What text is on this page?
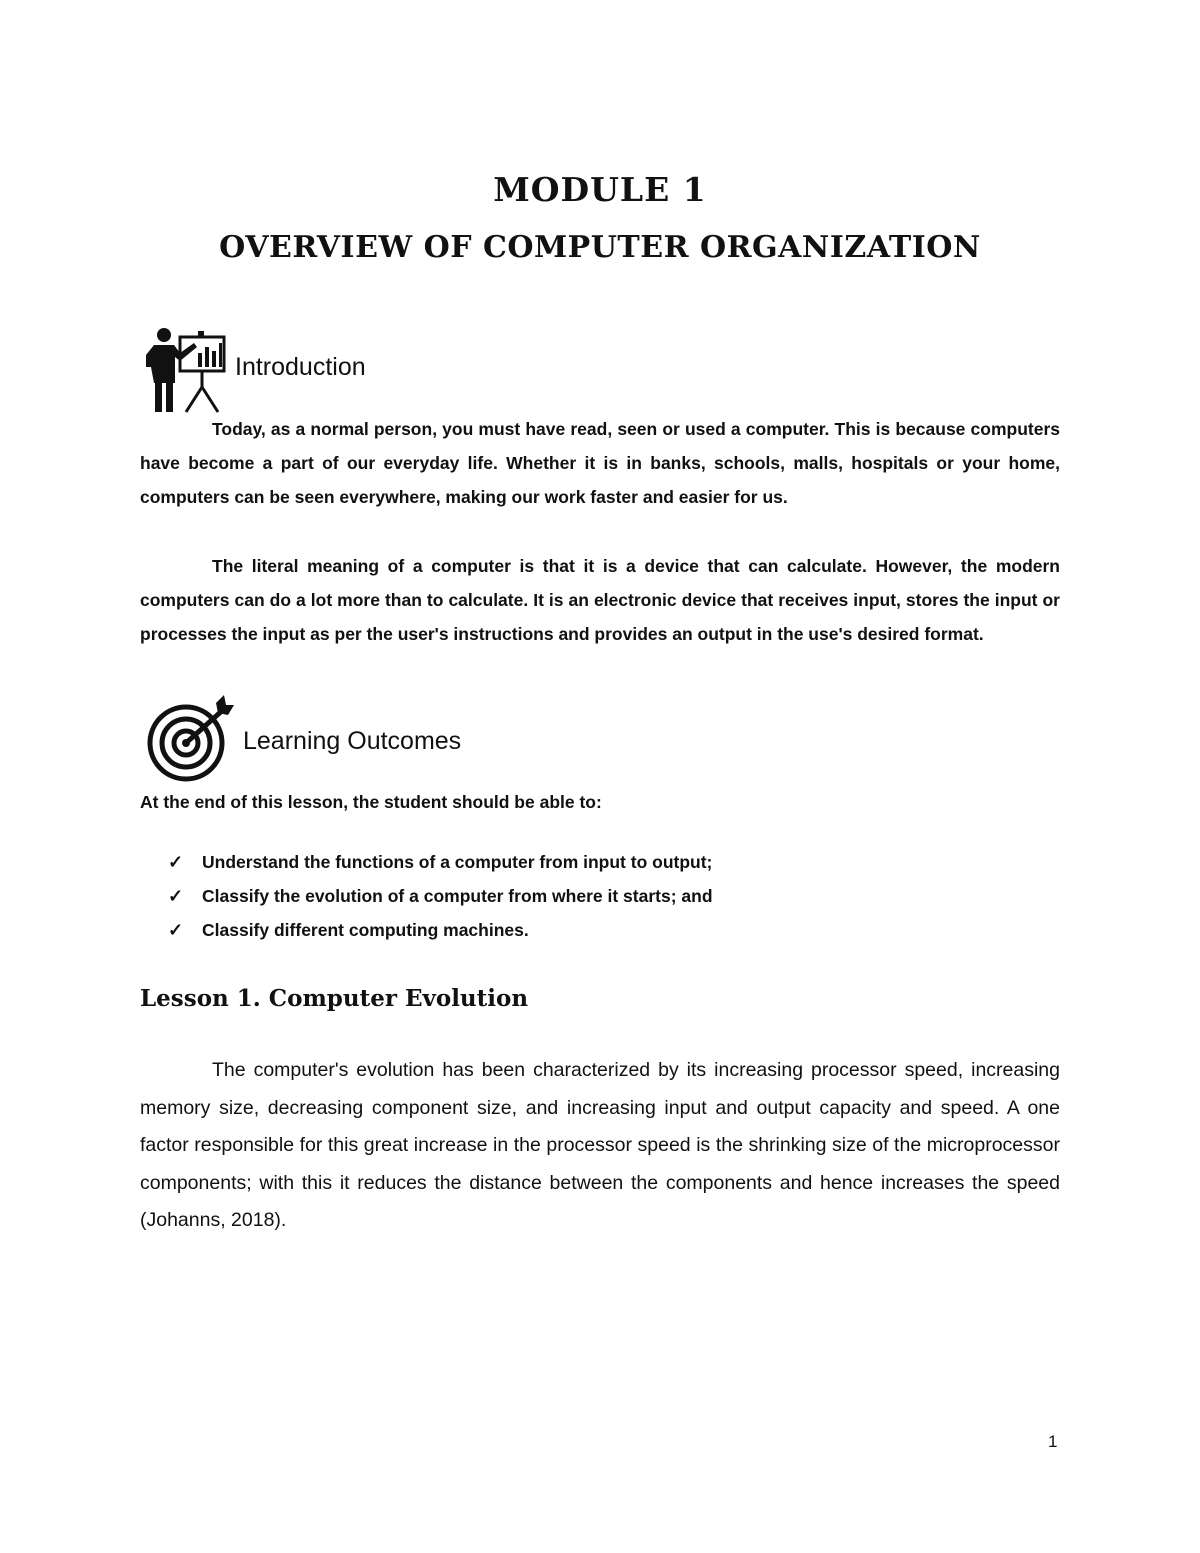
MODULE 1
OVERVIEW OF COMPUTER ORGANIZATION
Introduction

Today, as a normal person, you must have read, seen or used a computer. This is because computers have become a part of our everyday life. Whether it is in banks, schools, malls, hospitals or your home, computers can be seen everywhere, making our work faster and easier for us.

The literal meaning of a computer is that it is a device that can calculate. However, the modern computers can do a lot more than to calculate. It is an electronic device that receives input, stores the input or processes the input as per the user's instructions and provides an output in the use's desired format.

Learning Outcomes

At the end of this lesson, the student should be able to:

✓	Understand the functions of a computer from input to output;
✓	Classify the evolution of a computer from where it starts; and
✓	Classify different computing machines.
Lesson 1. Computer Evolution

The computer's evolution has been characterized by its increasing processor speed, increasing memory size, decreasing component size, and increasing input and output capacity and speed. A one factor responsible for this great increase in the processor speed is the shrinking size of the microprocessor components; with this it reduces the distance between the components and hence increases the speed (Johanns, 2018).

1
